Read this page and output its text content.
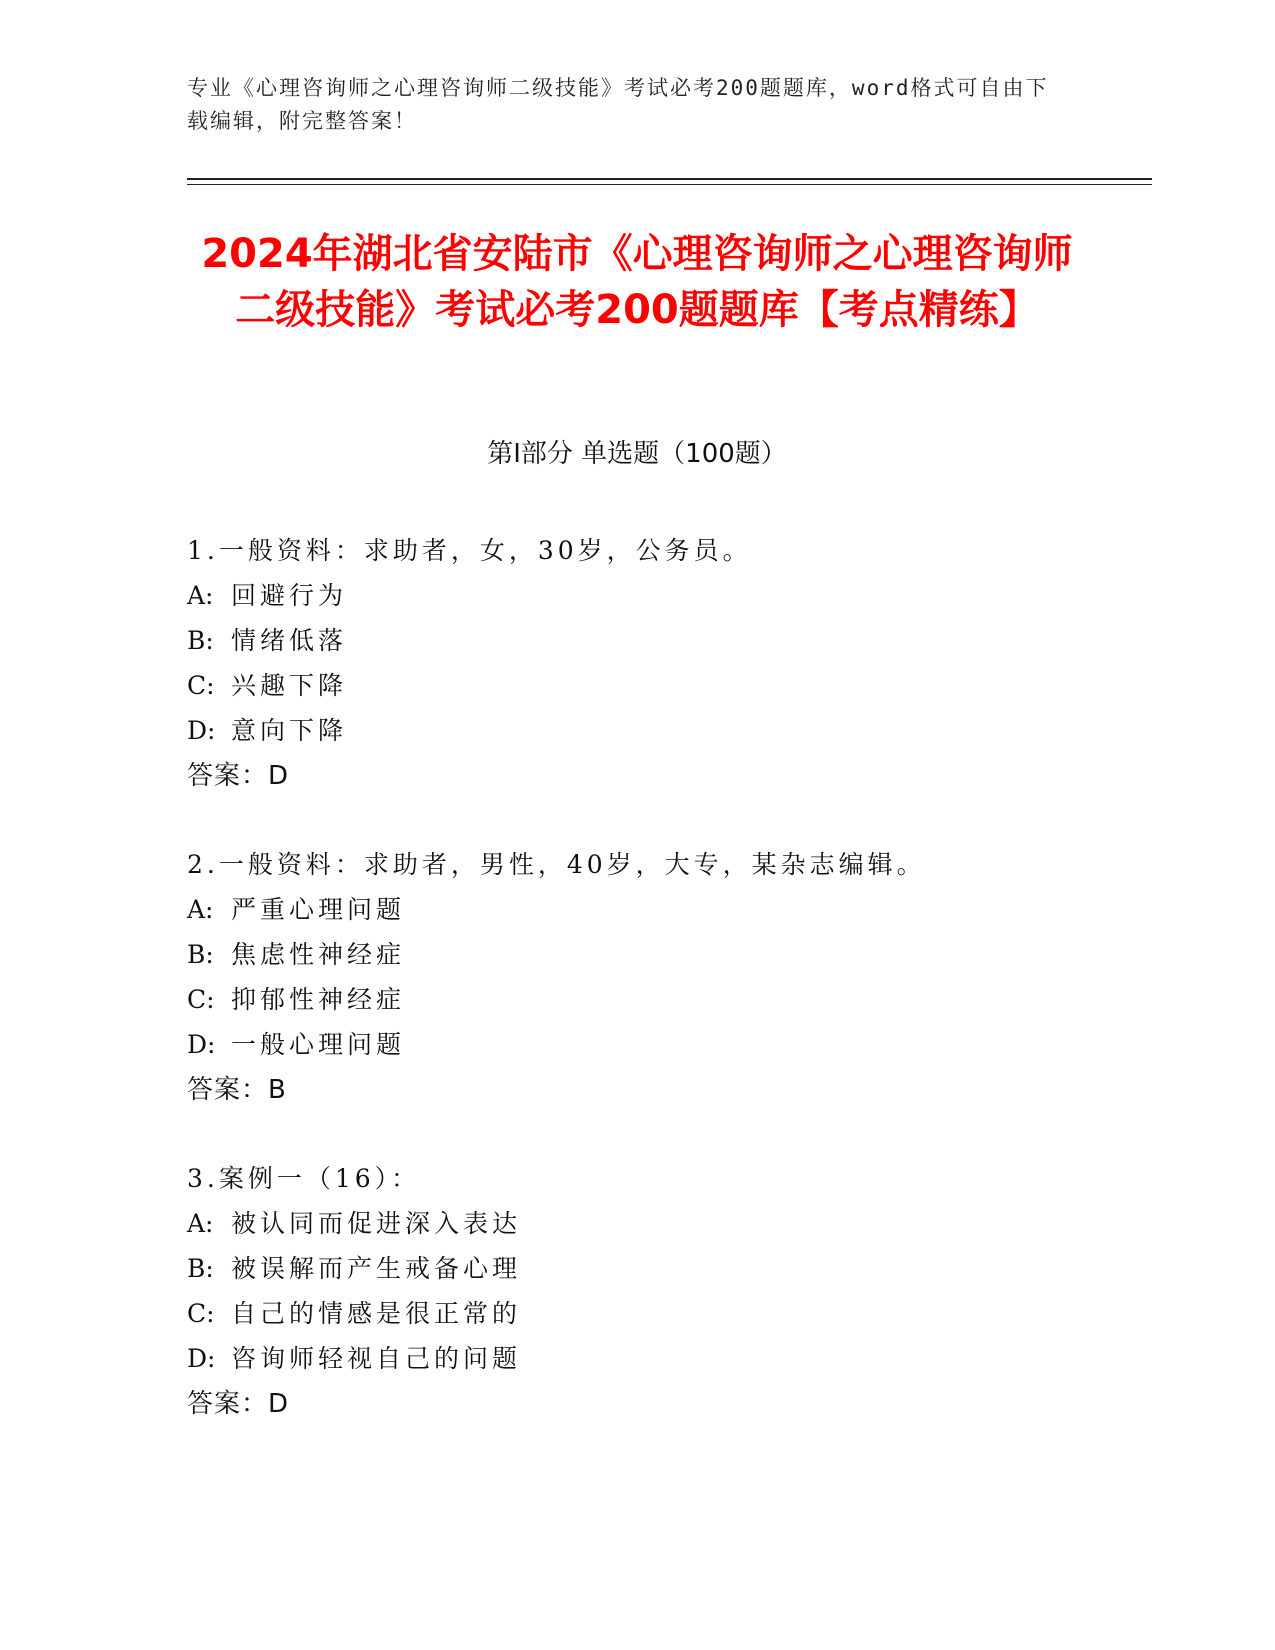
专业《心理咨询师之心理咨询师二级技能》考试必考200题题库，word格式可自由下载编辑，附完整答案！
2024年湖北省安陆市《心理咨询师之心理咨询师二级技能》考试必考200题题库【考点精练】
第I部分 单选题（100题）
1.一般资料：求助者，女，30岁，公务员。
A: 回避行为
B: 情绪低落
C: 兴趣下降
D: 意向下降
答案：D
2.一般资料：求助者，男性，40岁，大专，某杂志编辑。
A: 严重心理问题
B: 焦虑性神经症
C: 抑郁性神经症
D: 一般心理问题
答案：B
3.案例一（16）：
A: 被认同而促进深入表达
B: 被误解而产生戒备心理
C: 自己的情感是很正常的
D: 咨询师轻视自己的问题
答案：D
